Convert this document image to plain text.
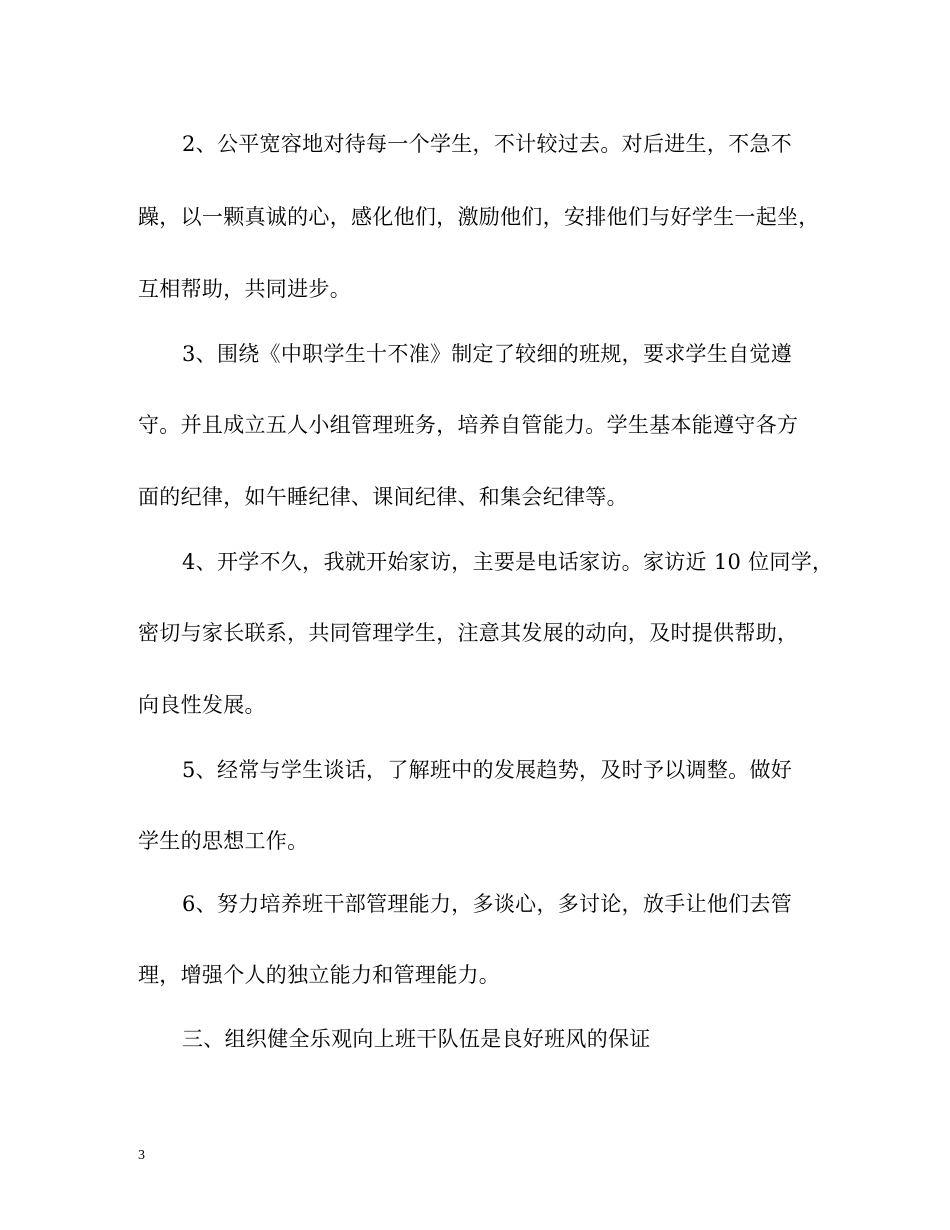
2、公平宽容地对待每一个学生，不计较过去。对后进生，不急不
躁，以一颗真诚的心，感化他们，激励他们，安排他们与好学生一起坐，
互相帮助，共同进步。
3、围绕《中职学生十不准》制定了较细的班规，要求学生自觉遵
守。并且成立五人小组管理班务，培养自管能力。学生基本能遵守各方
面的纪律，如午睡纪律、课间纪律、和集会纪律等。
4、开学不久，我就开始家访，主要是电话家访。家访近 10 位同学，
密切与家长联系，共同管理学生，注意其发展的动向，及时提供帮助，
向良性发展。
5、经常与学生谈话，了解班中的发展趋势，及时予以调整。做好
学生的思想工作。
6、努力培养班干部管理能力，多谈心，多讨论，放手让他们去管
理，增强个人的独立能力和管理能力。
三、组织健全乐观向上班干队伍是良好班风的保证
3
